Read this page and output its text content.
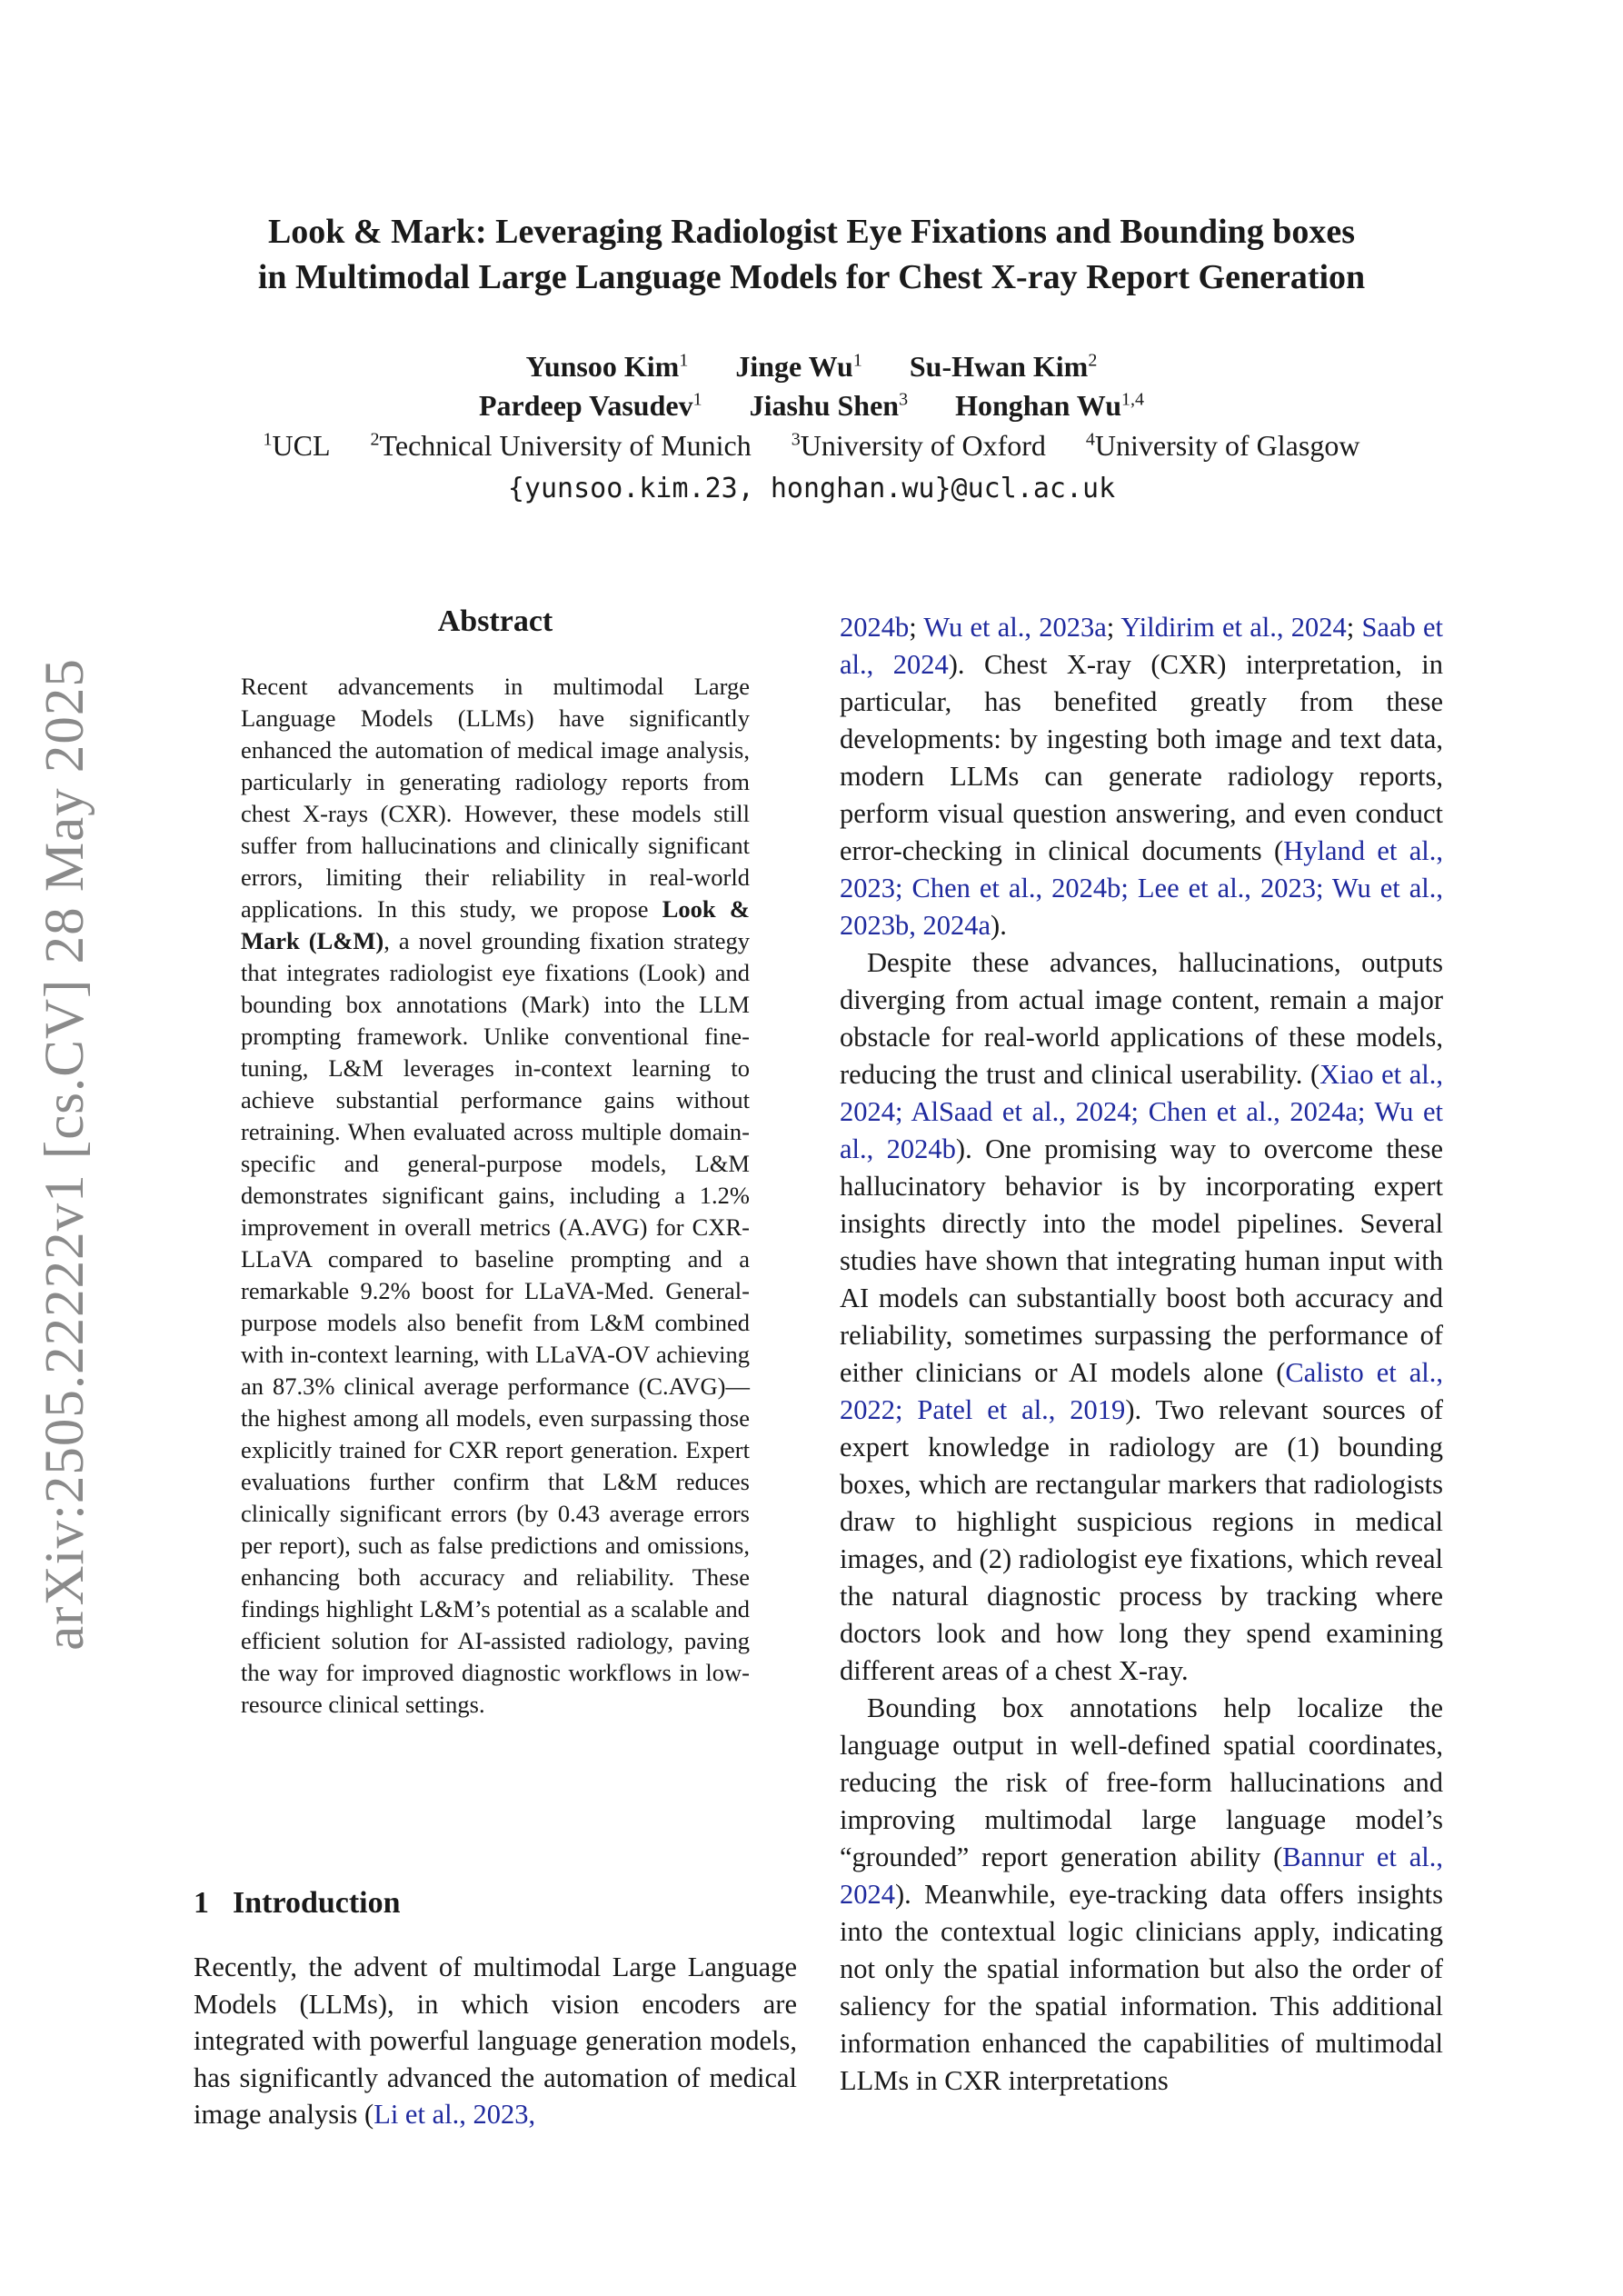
arXiv:2505.22222v1 [cs.CV] 28 May 2025
Look & Mark: Leveraging Radiologist Eye Fixations and Bounding boxes
in Multimodal Large Language Models for Chest X-ray Report Generation
Yunsoo Kim$^1$ Jinge Wu$^1$ Su-Hwan Kim$^2$
Pardeep Vasudev$^1$ Jiashu Shen$^3$ Honghan Wu$^{1,4}$
$^1$UCL $^2$Technical University of Munich $^3$University of Oxford $^4$University of Glasgow
{yunsoo.kim.23, honghan.wu}@ucl.ac.uk
Abstract
Recent advancements in multimodal Large Language Models (LLMs) have significantly enhanced the automation of medical image analysis, particularly in generating radiology reports from chest X-rays (CXR). However, these models still suffer from hallucinations and clinically significant errors, limiting their reliability in real-world applications. In this study, we propose Look & Mark (L&M), a novel grounding fixation strategy that integrates radiologist eye fixations (Look) and bounding box annotations (Mark) into the LLM prompting framework. Unlike conventional fine-tuning, L&M leverages in-context learning to achieve substantial performance gains without retraining. When evaluated across multiple domain-specific and general-purpose models, L&M demonstrates significant gains, including a 1.2% improvement in overall metrics (A.AVG) for CXR-LLaVA compared to baseline prompting and a remarkable 9.2% boost for LLaVA-Med. General-purpose models also benefit from L&M combined with in-context learning, with LLaVA-OV achieving an 87.3% clinical average performance (C.AVG)—the highest among all models, even surpassing those explicitly trained for CXR report generation. Expert evaluations further confirm that L&M reduces clinically significant errors (by 0.43 average errors per report), such as false predictions and omissions, enhancing both accuracy and reliability. These findings highlight L&M’s potential as a scalable and efficient solution for AI-assisted radiology, paving the way for improved diagnostic workflows in low-resource clinical settings.
1 Introduction
Recently, the advent of multimodal Large Language Models (LLMs), in which vision encoders are integrated with powerful language generation models, has significantly advanced the automation of medical image analysis (Li et al., 2023,

2024b; Wu et al., 2023a; Yildirim et al., 2024; Saab et al., 2024). Chest X-ray (CXR) interpretation, in particular, has benefited greatly from these developments: by ingesting both image and text data, modern LLMs can generate radiology reports, perform visual question answering, and even conduct error-checking in clinical documents (Hyland et al., 2023; Chen et al., 2024b; Lee et al., 2023; Wu et al., 2023b, 2024a).

Despite these advances, hallucinations, outputs diverging from actual image content, remain a major obstacle for real-world applications of these models, reducing the trust and clinical userability. (Xiao et al., 2024; AlSaad et al., 2024; Chen et al., 2024a; Wu et al., 2024b). One promising way to overcome these hallucinatory behavior is by incorporating expert insights directly into the model pipelines. Several studies have shown that integrating human input with AI models can substantially boost both accuracy and reliability, sometimes surpassing the performance of either clinicians or AI models alone (Calisto et al., 2022; Patel et al., 2019). Two relevant sources of expert knowledge in radiology are (1) bounding boxes, which are rectangular markers that radiologists draw to highlight suspicious regions in medical images, and (2) radiologist eye fixations, which reveal the natural diagnostic process by tracking where doctors look and how long they spend examining different areas of a chest X-ray.

Bounding box annotations help localize the language output in well-defined spatial coordinates, reducing the risk of free-form hallucinations and improving multimodal large language model’s “grounded” report generation ability (Bannur et al., 2024). Meanwhile, eye-tracking data offers insights into the contextual logic clinicians apply, indicating not only the spatial information but also the order of saliency for the spatial information. This additional information enhanced the capabilities of multimodal LLMs in CXR interpretations
